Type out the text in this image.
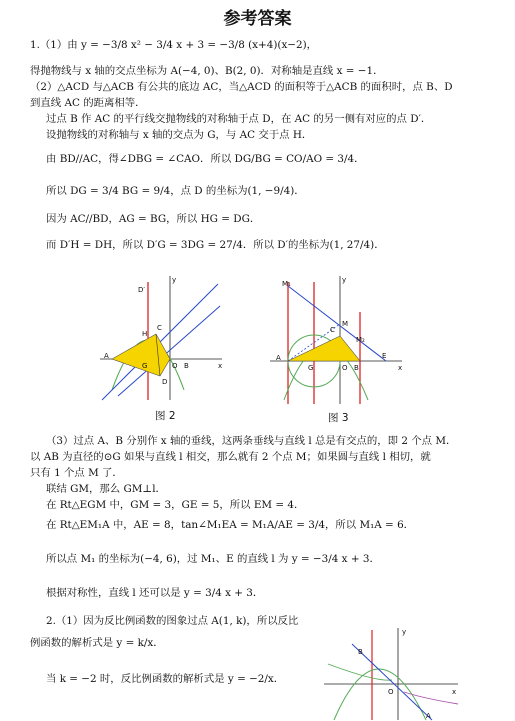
参考答案
1.（1）由 y = −3/8 x² − 3/4 x + 3 = −3/8 (x+4)(x−2)，
得抛物线与 x 轴的交点坐标为 A(−4, 0)、B(2, 0)．对称轴是直线 x = −1．
（2）△ACD 与△ACB 有公共的底边 AC，当△ACD 的面积等于△ACB 的面积时，点 B、D
到直线 AC 的距离相等．
过点 B 作 AC 的平行线交抛物线的对称轴于点 D，在 AC 的另一侧有对应的点 D′．
设抛物线的对称轴与 x 轴的交点为 G，与 AC 交于点 H．
由 BD//AC，得∠DBG = ∠CAO．所以 DG/BG = CO/AO = 3/4．
所以 DG = 3/4 BG = 9/4，点 D 的坐标为(1, −9/4)．
因为 AC//BD，AG = BG，所以 HG = DG．
而 D′H = DH，所以 D′G = 3DG = 27/4．所以 D′的坐标为(1, 27/4)．
D′
y
H
C
A
G	O B	x
D
图 2
M₁	y
C
M
M₂
A
G	O B
E
x
图 3
（3）过点 A、B 分别作 x 轴的垂线，这两条垂线与直线 l 总是有交点的，即 2 个点 M．
以 AB 为直径的⊙G 如果与直线 l 相交，那么就有 2 个点 M；如果圆与直线 l 相切，就
只有 1 个点 M 了．
联结 GM，那么 GM⊥l．
在 Rt△EGM 中，GM = 3，GE = 5，所以 EM = 4．
在 Rt△EM₁A 中，AE = 8，tan∠M₁EA = M₁A/AE = 3/4，所以 M₁A = 6．
所以点 M₁ 的坐标为(−4, 6)，过 M₁、E 的直线 l 为 y = −3/4 x + 3．
根据对称性，直线 l 还可以是 y = 3/4 x + 3．
2.（1）因为反比例函数的图象过点 A(1, k)，所以反比
例函数的解析式是 y = k/x．
当 k = −2 时，反比例函数的解析式是 y = −2/x．
y
B
O	x
A
